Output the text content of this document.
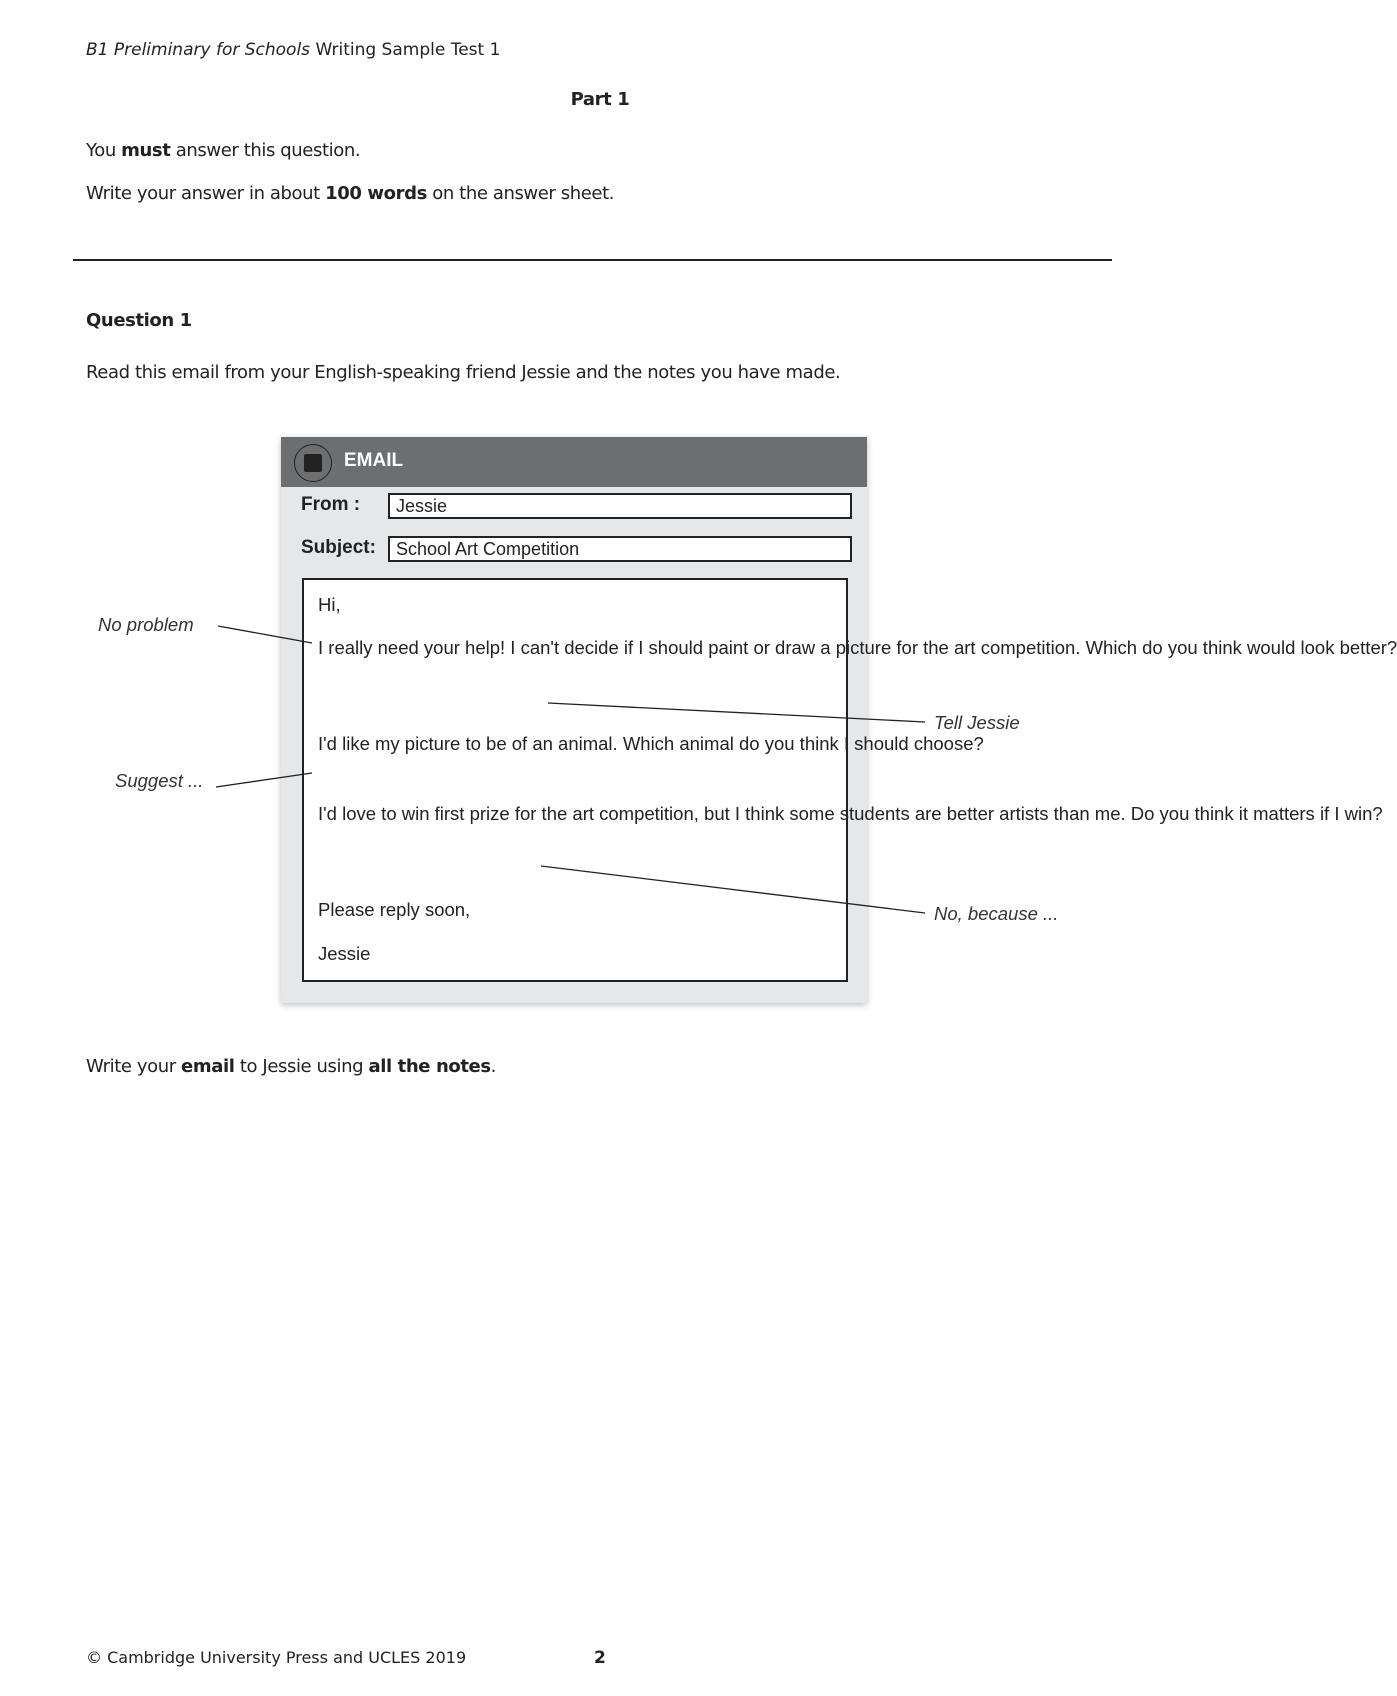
B1 Preliminary for Schools Writing Sample Test 1
Part 1
You must answer this question.
Write your answer in about 100 words on the answer sheet.
Question 1
Read this email from your English-speaking friend Jessie and the notes you have made.
EMAIL
From :	Jessie
Subject:	School Art Competition

Hi,

I really need your help! I can't decide if I should paint or draw a picture for the art competition. Which do you think would look better?

I'd like my picture to be of an animal. Which animal do you think I should choose?

I'd love to win first prize for the art competition, but I think some students are better artists than me. Do you think it matters if I win?

Please reply soon,

Jessie

No problem
Tell Jessie
Suggest ...
No, because ...
Write your email to Jessie using all the notes.
© Cambridge University Press and UCLES 2019	2
